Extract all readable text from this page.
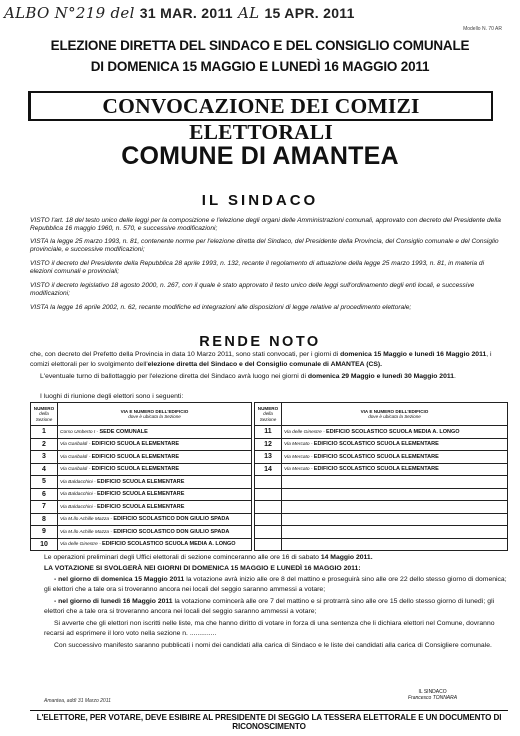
ALBO N°219 del 31 MAR. 2011 AL 15 APR. 2011
Modello N. 70 AR
ELEZIONE DIRETTA DEL SINDACO E DEL CONSIGLIO COMUNALE
DI DOMENICA 15 MAGGIO E LUNEDÌ 16 MAGGIO 2011
CONVOCAZIONE DEI COMIZI ELETTORALI
COMUNE DI AMANTEA
IL SINDACO
VISTO l'art. 18 del testo unico delle leggi per la composizione e l'elezione degli organi delle Amministrazioni comunali, approvato con decreto del Presidente della Repubblica 16 maggio 1960, n. 570, e successive modificazioni;
VISTA la legge 25 marzo 1993, n. 81, contenente norme per l'elezione diretta del Sindaco, del Presidente della Provincia, del Consiglio comunale e del Consiglio provinciale, e successive modificazioni;
VISTO il decreto del Presidente della Repubblica 28 aprile 1993, n. 132, recante il regolamento di attuazione della legge 25 marzo 1993, n. 81, in materia di elezioni comunali e provinciali;
VISTO il decreto legislativo 18 agosto 2000, n. 267, con il quale è stato approvato il testo unico delle leggi sull'ordinamento degli enti locali, e successive modificazioni;
VISTA la legge 16 aprile 2002, n. 62, recante modifiche ed integrazioni alle disposizioni di legge relative al procedimento elettorale;
RENDE NOTO
che, con decreto del Prefetto della Provincia in data 10 Marzo 2011, sono stati convocati, per i giorni di domenica 15 Maggio e lunedì 16 Maggio 2011, i comizi elettorali per lo svolgimento dell'elezione diretta del Sindaco e del Consiglio comunale di AMANTEA (CS).
L'eventuale turno di ballottaggio per l'elezione diretta del Sindaco avrà luogo nei giorni di domenica 29 Maggio e lunedì 30 Maggio 2011.
I luoghi di riunione degli elettori sono i seguenti:
NUMERO
della Sezione	VIA E NUMERO DELL'EDIFICIO
dove è ubicata la Sezione
1	Corso Umberto I - SEDE COMUNALE
2	Via Garibaldi - EDIFICIO SCUOLA ELEMENTARE
3	Via Garibaldi - EDIFICIO SCUOLA ELEMENTARE
4	Via Garibaldi - EDIFICIO SCUOLA ELEMENTARE
5	Via Baldacchini - EDIFICIO SCUOLA ELEMENTARE
6	Via Baldacchini - EDIFICIO SCUOLA ELEMENTARE
7	Via Baldacchini - EDIFICIO SCUOLA ELEMENTARE
8	Via M.llo Achille Mazza - EDIFICIO SCOLASTICO DON GIULIO SPADA
9	Via M.llo Achille Mazza - EDIFICIO SCOLASTICO DON GIULIO SPADA
10	Via delle Ginestre - EDIFICIO SCOLASTICO SCUOLA MEDIA A. LONGO
NUMERO
della Sezione	VIA E NUMERO DELL'EDIFICIO
dove è ubicata la Sezione
11	Via delle Ginestre - EDIFICIO SCOLASTICO SCUOLA MEDIA A. LONGO
12	Via Mercato - EDIFICIO SCOLASTICO SCUOLA ELEMENTARE
13	Via Mercato - EDIFICIO SCOLASTICO SCUOLA ELEMENTARE
14	Via Mercato - EDIFICIO SCOLASTICO SCUOLA ELEMENTARE

Le operazioni preliminari degli Uffici elettorali di sezione cominceranno alle ore 16 di sabato 14 Maggio 2011.
LA VOTAZIONE SI SVOLGERÀ NEI GIORNI DI DOMENICA 15 MAGGIO E LUNEDÌ 16 MAGGIO 2011:
- nel giorno di domenica 15 Maggio 2011 la votazione avrà inizio alle ore 8 del mattino e proseguirà sino alle ore 22 dello stesso giorno di domenica; gli elettori che a tale ora si troveranno ancora nei locali del seggio saranno ammessi a votare;
- nel giorno di lunedì 16 Maggio 2011 la votazione comincerà alle ore 7 del mattino e si protrarrà sino alle ore 15 dello stesso giorno di lunedì; gli elettori che a tale ora si troveranno ancora nei locali del seggio saranno ammessi a votare;
Si avverte che gli elettori non iscritti nelle liste, ma che hanno diritto di votare in forza di una sentenza che li dichiara elettori nel Comune, dovranno recarsi ad esprimere il loro voto nella sezione n. ..............
Con successivo manifesto saranno pubblicati i nomi dei candidati alla carica di Sindaco e le liste dei candidati alla carica di Consigliere comunale.
Amantea, addì 31 Marzo 2011
IL SINDACO
Francesco TONNARA
L'ELETTORE, PER VOTARE, DEVE ESIBIRE AL PRESIDENTE DI SEGGIO LA TESSERA ELETTORALE E UN DOCUMENTO DI RICONOSCIMENTO
